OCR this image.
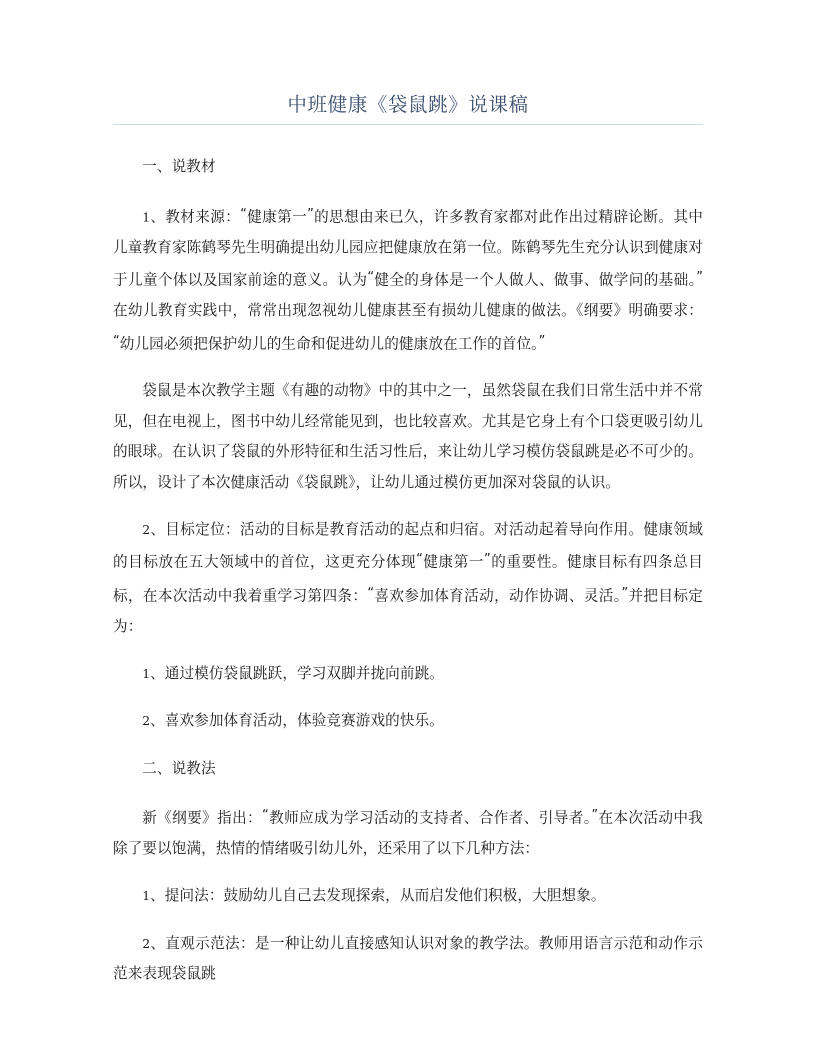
中班健康《袋鼠跳》说课稿

一、说教材

1、教材来源：“健康第一”的思想由来已久，许多教育家都对此作出过精辟论断。其中儿童教育家陈鹤琴先生明确提出幼儿园应把健康放在第一位。陈鹤琴先生充分认识到健康对于儿童个体以及国家前途的意义。认为“健全的身体是一个人做人、做事、做学问的基础。”在幼儿教育实践中，常常出现忽视幼儿健康甚至有损幼儿健康的做法。《纲要》明确要求：“幼儿园必须把保护幼儿的生命和促进幼儿的健康放在工作的首位。”

袋鼠是本次教学主题《有趣的动物》中的其中之一，虽然袋鼠在我们日常生活中并不常见，但在电视上，图书中幼儿经常能见到，也比较喜欢。尤其是它身上有个口袋更吸引幼儿的眼球。在认识了袋鼠的外形特征和生活习性后，来让幼儿学习模仿袋鼠跳是必不可少的。所以，设计了本次健康活动《袋鼠跳》，让幼儿通过模仿更加深对袋鼠的认识。

2、目标定位：活动的目标是教育活动的起点和归宿。对活动起着导向作用。健康领域的目标放在五大领域中的首位，这更充分体现“健康第一”的重要性。健康目标有四条总目标，在本次活动中我着重学习第四条：“喜欢参加体育活动，动作协调、灵活。”并把目标定为：

1、通过模仿袋鼠跳跃，学习双脚并拢向前跳。

2、喜欢参加体育活动，体验竞赛游戏的快乐。

二、说教法

新《纲要》指出：“教师应成为学习活动的支持者、合作者、引导者。”在本次活动中我除了要以饱满，热情的情绪吸引幼儿外，还采用了以下几种方法：

1、提问法：鼓励幼儿自己去发现探索，从而启发他们积极，大胆想象。

2、直观示范法：是一种让幼儿直接感知认识对象的教学法。教师用语言示范和动作示范来表现袋鼠跳
